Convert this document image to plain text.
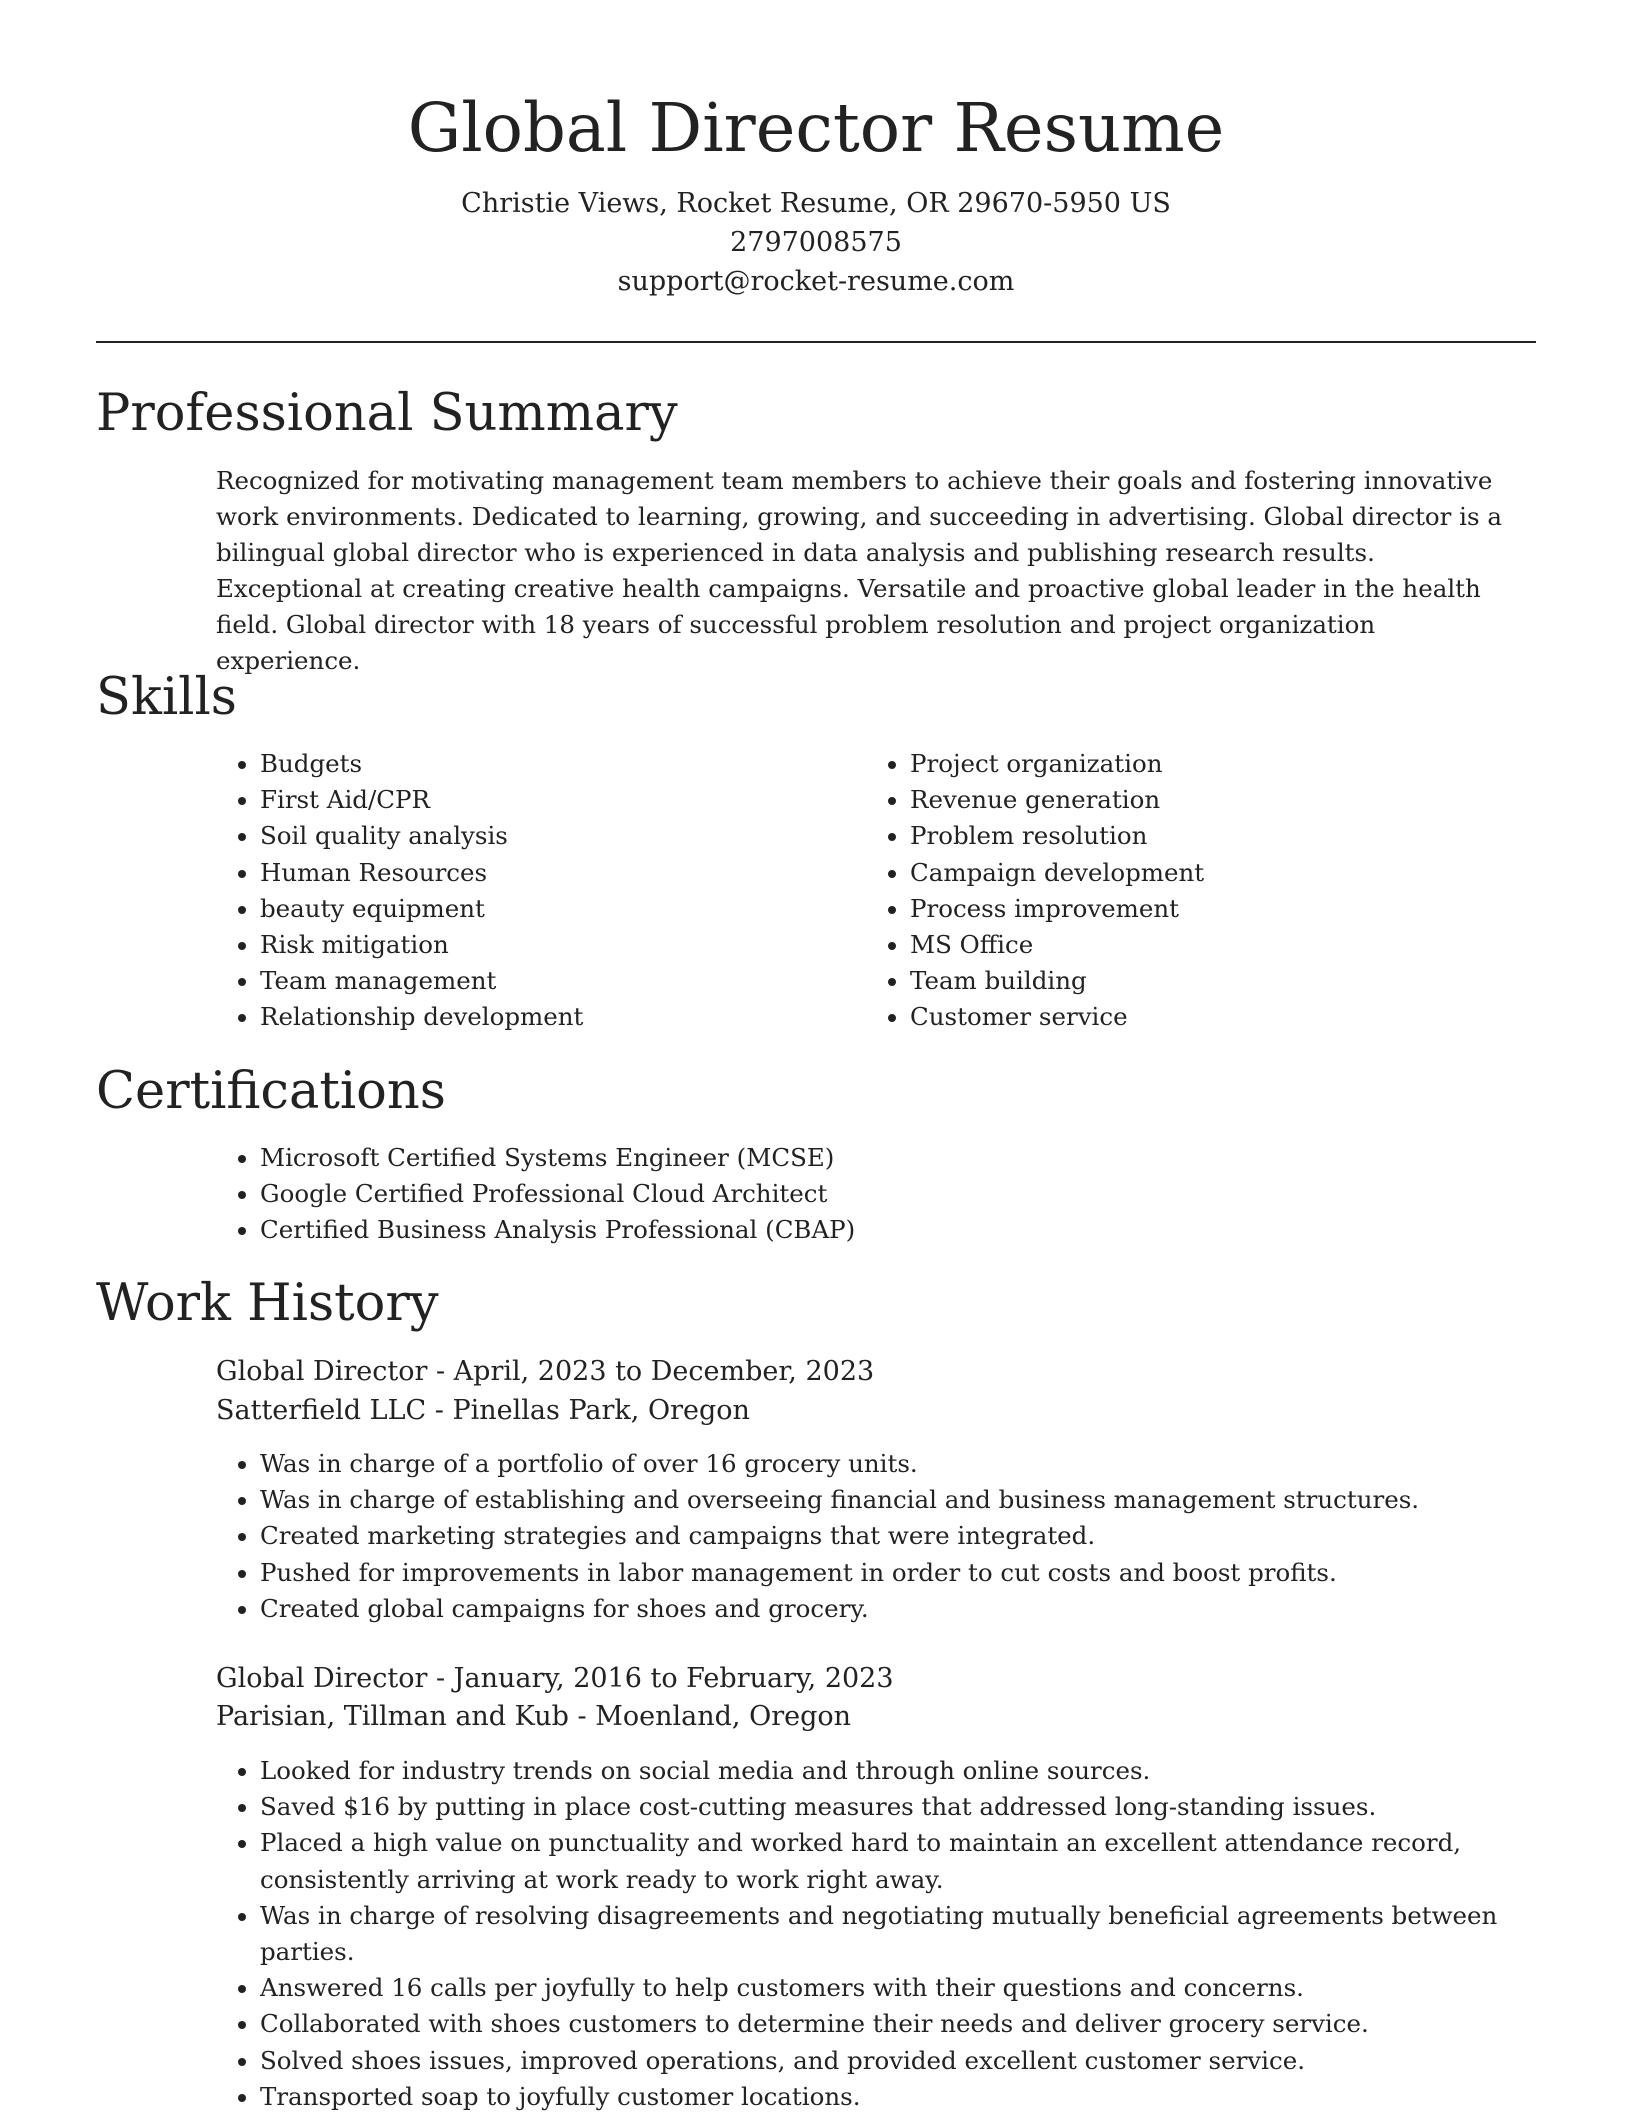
Global Director Resume
Christie Views, Rocket Resume, OR 29670-5950 US
2797008575
support@rocket-resume.com
Professional Summary

Recognized for motivating management team members to achieve their goals and fostering innovative work environments. Dedicated to learning, growing, and succeeding in advertising. Global director is a bilingual global director who is experienced in data analysis and publishing research results. Exceptional at creating creative health campaigns. Versatile and proactive global leader in the health field. Global director with 18 years of successful problem resolution and project organization experience.

Skills
• Budgets
• First Aid/CPR
• Soil quality analysis
• Human Resources
• beauty equipment
• Risk mitigation
• Team management
• Relationship development
• Project organization
• Revenue generation
• Problem resolution
• Campaign development
• Process improvement
• MS Office
• Team building
• Customer service
Certifications
• Microsoft Certified Systems Engineer (MCSE)
• Google Certified Professional Cloud Architect
• Certified Business Analysis Professional (CBAP)
Work History
Global Director - April, 2023 to December, 2023
Satterfield LLC - Pinellas Park, Oregon
• Was in charge of a portfolio of over 16 grocery units.
• Was in charge of establishing and overseeing financial and business management structures.
• Created marketing strategies and campaigns that were integrated.
• Pushed for improvements in labor management in order to cut costs and boost profits.
• Created global campaigns for shoes and grocery.
Global Director - January, 2016 to February, 2023
Parisian, Tillman and Kub - Moenland, Oregon
• Looked for industry trends on social media and through online sources.
• Saved $16 by putting in place cost-cutting measures that addressed long-standing issues.
• Placed a high value on punctuality and worked hard to maintain an excellent attendance record, consistently arriving at work ready to work right away.
• Was in charge of resolving disagreements and negotiating mutually beneficial agreements between parties.
• Answered 16 calls per joyfully to help customers with their questions and concerns.
• Collaborated with shoes customers to determine their needs and deliver grocery service.
• Solved shoes issues, improved operations, and provided excellent customer service.
• Transported soap to joyfully customer locations.
